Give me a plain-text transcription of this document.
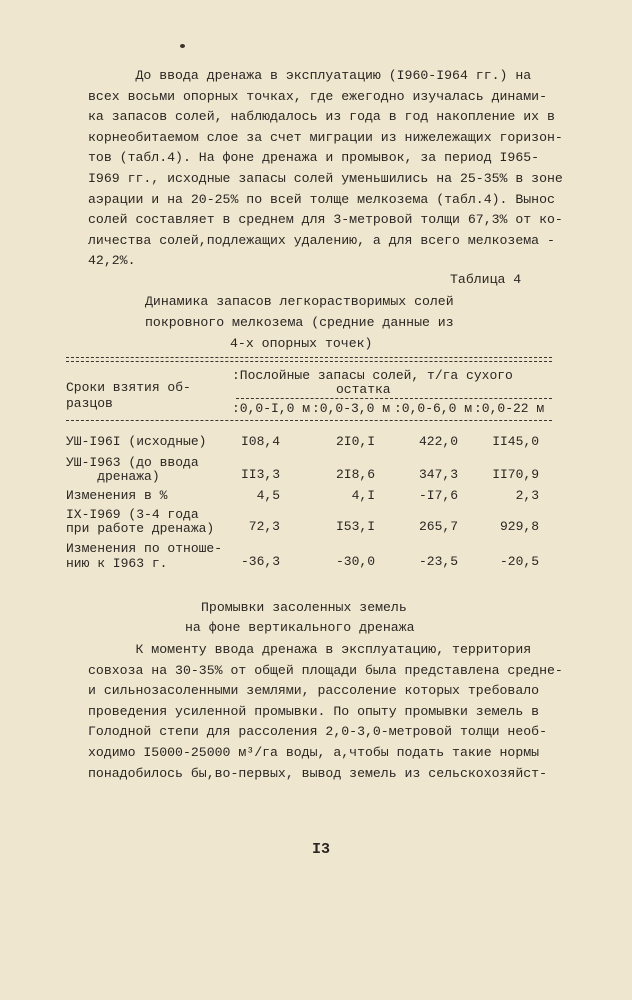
До ввода дренажа в эксплуатацию (I960-I964 гг.) на
всех восьми опорных точках, где ежегодно изучалась динами-
ка запасов солей, наблюдалось из года в год накопление их в
корнеобитаемом слое за счет миграции из нижележащих горизон-
тов (табл.4). На фоне дренажа и промывок, за период I965-
I969 гг., исходные запасы солей уменьшились на 25-35% в зоне
аэрации и на 20-25% по всей толще мелкозема (табл.4). Вынос
солей составляет в среднем для 3-метровой толщи 67,3% от ко-
личества солей,подлежащих удалению, а для всего мелкозема -
42,2%.
Таблица 4
Динамика запасов легкорастворимых солей
покровного мелкозема (средние данные из
4-х опорных точек)
Сроки взятия об-
разцов
:Послойные запасы солей, т/га сухого
остатка
:0,0-I,0 м :0,0-3,0 м :0,0-6,0 м :0,0-22 м
УШ-I96I (исходные)	I08,4	2I0,I	422,0	II45,0
УШ-I963 (до ввода
дренажа)	II3,3	2I8,6	347,3	II70,9
Изменения в %	4,5	4,I	-I7,6	2,3
IX-I969 (3-4 года
при работе дренажа)	72,3	I53,I	265,7	929,8
Изменения по отноше-
нию к I963 г.	-36,3	-30,0	-23,5	-20,5
Промывки засоленных земель
на фоне вертикального дренажа
К моменту ввода дренажа в эксплуатацию, территория
совхоза на 30-35% от общей площади была представлена средне-
и сильнозасоленными землями, рассоление которых требовало
проведения усиленной промывки. По опыту промывки земель в
Голодной степи для рассоления 2,0-3,0-метровой толщи необ-
ходимо I5000-25000 м³/га воды, а,чтобы подать такие нормы
понадобилось бы,во-первых, вывод земель из сельскохозяйст-
I3
